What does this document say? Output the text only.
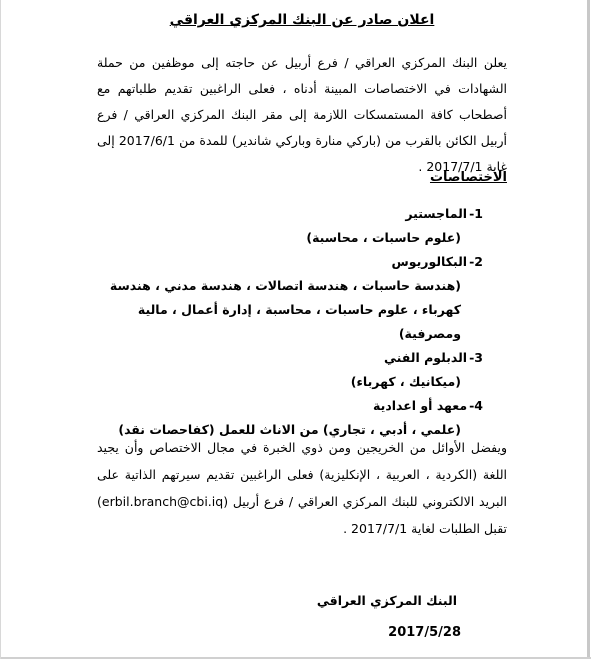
اعلان صادر عن البنك المركزي العراقي

يعلن البنك المركزي العراقي / فرع أربيل عن حاجته إلى موظفين من حملة الشهادات في الاختصاصات المبينة أدناه ، فعلى الراغبين تقديم طلباتهم مع أصطحاب كافة المستمسكات اللازمة إلى مقر البنك المركزي العراقي / فرع أربيل الكائن بالقرب من (باركي منارة وباركي شاندير) للمدة من 2017/6/1 إلى غاية 2017/7/1 .

الاختصاصات
1-الماجستير
(علوم حاسبات ، محاسبة)
2-البكالوريوس
(هندسة حاسبات ، هندسة اتصالات ، هندسة مدني ، هندسة كهرباء ، علوم حاسبات ، محاسبة ، إدارة أعمال ، مالية ومصرفية)
3-الدبلوم الفني
(ميكانيك ، كهرباء)
4-معهد أو اعدادية
(علمي ، أدبي ، تجاري) من الاناث للعمل (كفاحصات نقد)

ويفضل الأوائل من الخريجين ومن ذوي الخبرة في مجال الاختصاص وأن يجيد اللغة (الكردية ، العربية ، الإنكليزية) فعلى الراغبين تقديم سيرتهم الذاتية على البريد الالكتروني للبنك المركزي العراقي / فرع أربيل (erbil.branch@cbi.iq) تقبل الطلبات لغاية 2017/7/1 .

البنك المركزي العراقي
2017/5/28
